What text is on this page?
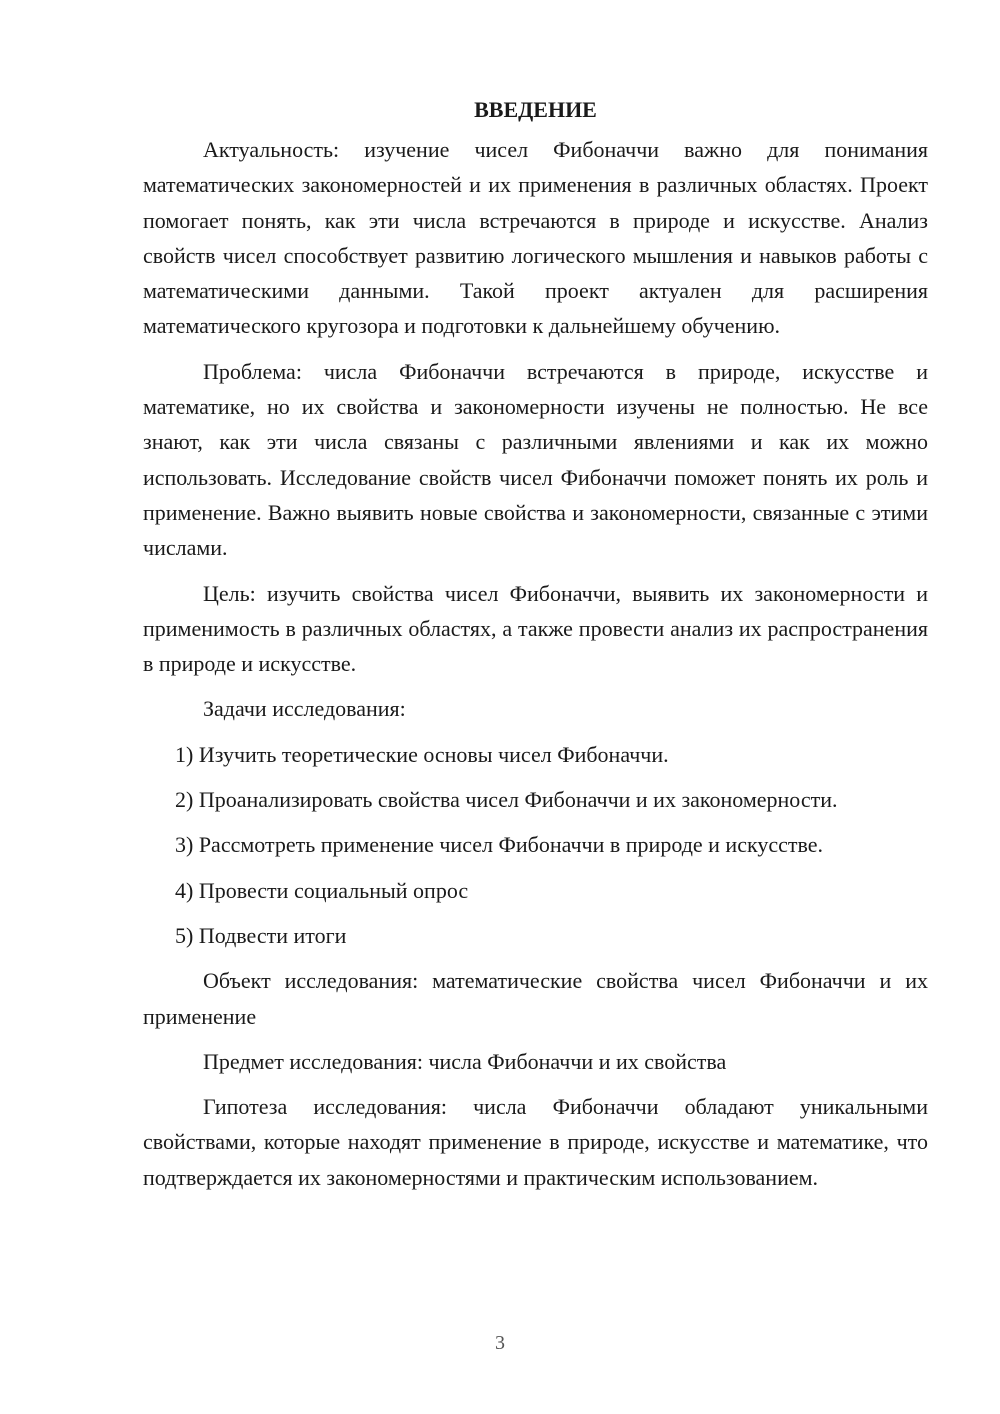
ВВЕДЕНИЕ

Актуальность: изучение чисел Фибоначчи важно для понимания математических закономерностей и их применения в различных областях. Проект помогает понять, как эти числа встречаются в природе и искусстве. Анализ свойств чисел способствует развитию логического мышления и навыков работы с математическими данными. Такой проект актуален для расширения математического кругозора и подготовки к дальнейшему обучению.

Проблема: числа Фибоначчи встречаются в природе, искусстве и математике, но их свойства и закономерности изучены не полностью. Не все знают, как эти числа связаны с различными явлениями и как их можно использовать. Исследование свойств чисел Фибоначчи поможет понять их роль и применение. Важно выявить новые свойства и закономерности, связанные с этими числами.

Цель: изучить свойства чисел Фибоначчи, выявить их закономерности и применимость в различных областях, а также провести анализ их распространения в природе и искусстве.

Задачи исследования:

1) Изучить теоретические основы чисел Фибоначчи.

2) Проанализировать свойства чисел Фибоначчи и их закономерности.

3) Рассмотреть применение чисел Фибоначчи в природе и искусстве.

4) Провести социальный опрос

5) Подвести итоги

Объект исследования: математические свойства чисел Фибоначчи и их применение

Предмет исследования: числа Фибоначчи и их свойства

Гипотеза исследования: числа Фибоначчи обладают уникальными свойствами, которые находят применение в природе, искусстве и математике, что подтверждается их закономерностями и практическим использованием.

3
